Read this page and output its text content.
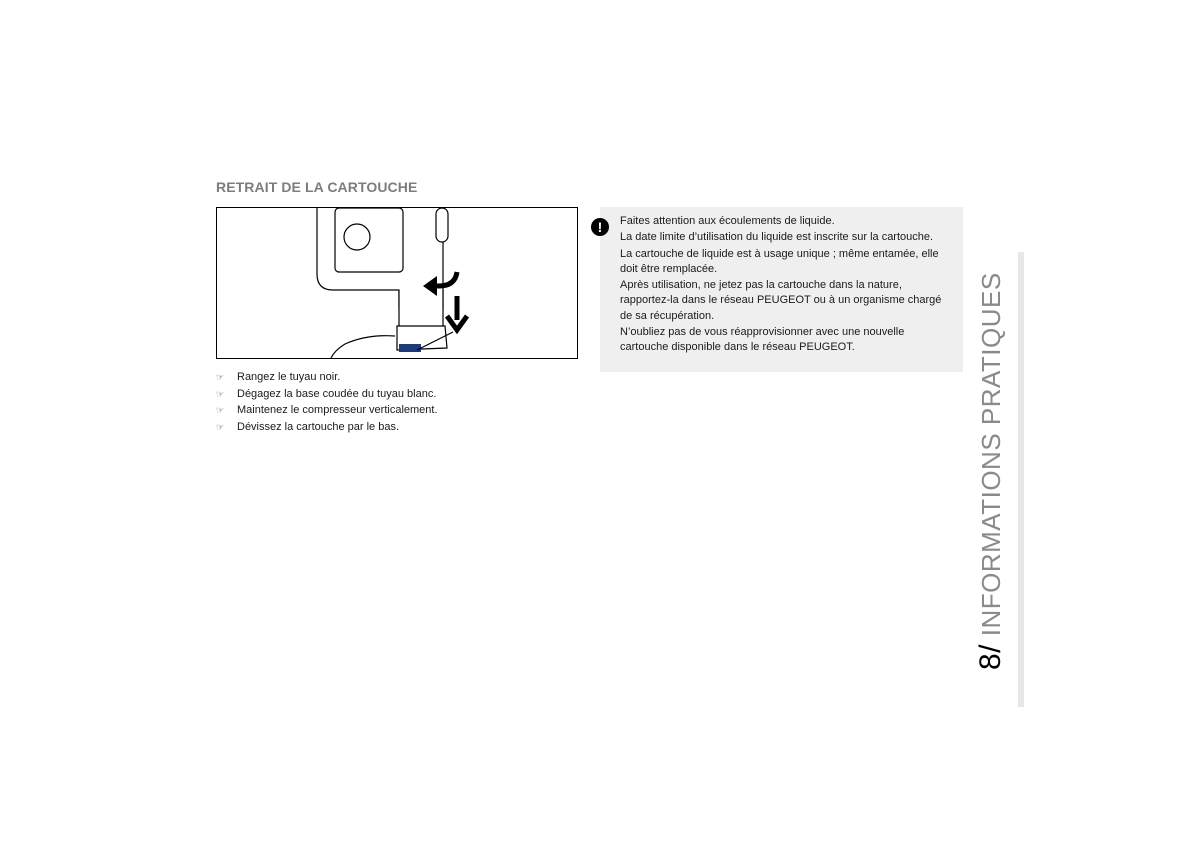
RETRAIT DE LA CARTOUCHE
☞	Rangez le tuyau noir.
☞	Dégagez la base coudée du tuyau blanc.
☞	Maintenez le compresseur verticalement.
☞	Dévissez la cartouche par le bas.
!	Faites attention aux écoulements de liquide.

La date limite d’utilisation du liquide est inscrite sur la cartouche.

La cartouche de liquide est à usage unique ; même entamée, elle doit être remplacée.

Après utilisation, ne jetez pas la cartouche dans la nature, rapportez-la dans le réseau PEUGEOT ou à un organisme chargé de sa récupération.

N’oubliez pas de vous réapprovisionner avec une nouvelle cartouche disponible dans le réseau PEUGEOT.

8/ INFORMATIONS PRATIQUES
